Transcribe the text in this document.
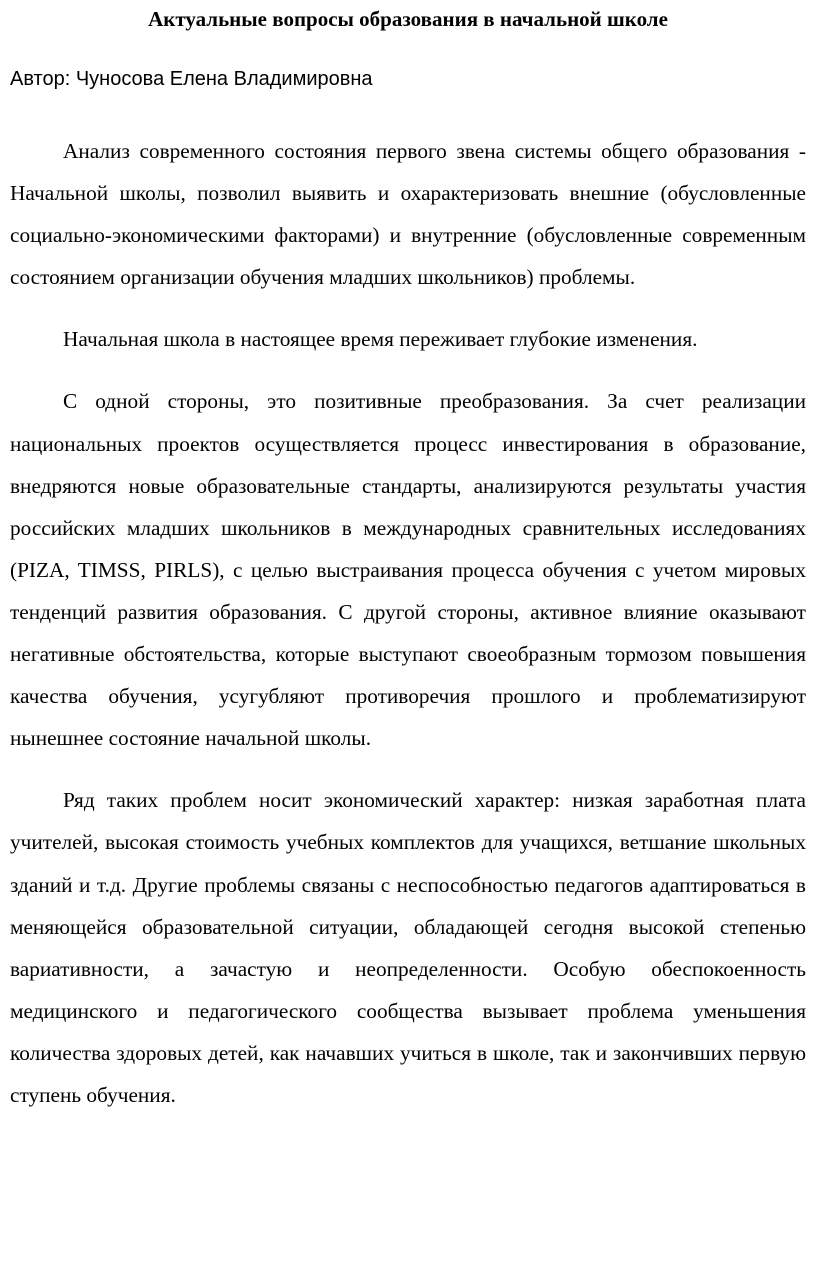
Актуальные вопросы образования в начальной школе

Автор: Чуносова Елена Владимировна

Анализ современного состояния первого звена системы общего образования - Начальной школы, позволил выявить и охарактеризовать внешние (обусловленные социально-экономическими факторами) и внутренние (обусловленные современным состоянием организации обучения младших школьников) проблемы.

Начальная школа в настоящее время переживает глубокие изменения.

С одной стороны, это позитивные преобразования. За счет реализации национальных проектов осуществляется процесс инвестирования в образование, внедряются новые образовательные стандарты, анализируются результаты участия российских младших школьников в международных сравнительных исследованиях (PIZA, TIMSS, PIRLS), с целью выстраивания процесса обучения с учетом мировых тенденций развития образования. С другой стороны, активное влияние оказывают негативные обстоятельства, которые выступают своеобразным тормозом повышения качества обучения, усугубляют противоречия прошлого и проблематизируют нынешнее состояние начальной школы.

Ряд таких проблем носит экономический характер: низкая заработная плата учителей, высокая стоимость учебных комплектов для учащихся, ветшание школьных зданий и т.д. Другие проблемы связаны с неспособностью педагогов адаптироваться в меняющейся образовательной ситуации, обладающей сегодня высокой степенью вариативности, а зачастую и неопределенности. Особую обеспокоенность медицинского и педагогического сообщества вызывает проблема уменьшения количества здоровых детей, как начавших учиться в школе, так и закончивших первую ступень обучения.
